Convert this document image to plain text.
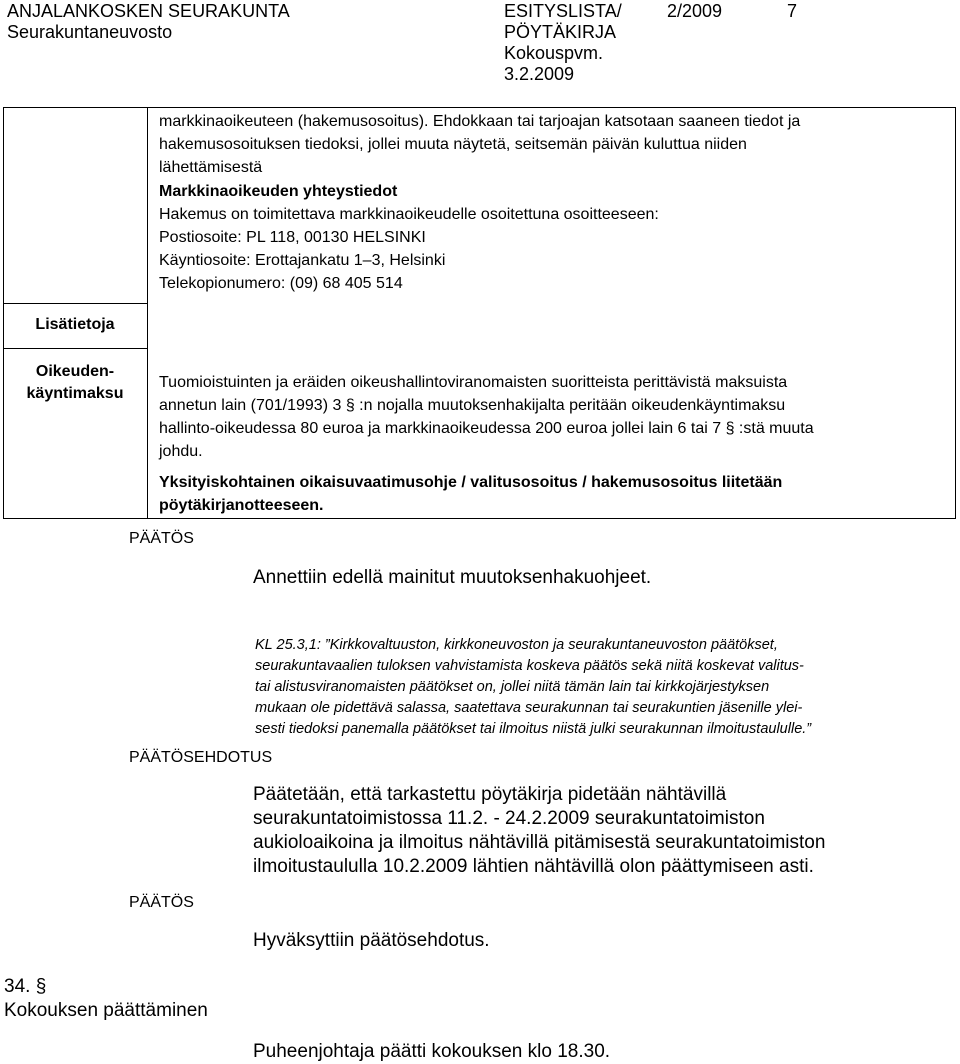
ANJALANKOSKEN SEURAKUNTA
Seurakuntaneuvosto
ESITYSLISTA/
PÖYTÄKIRJA
Kokouspvm.
3.2.2009
2/2009	7
markkinaoikeuteen (hakemusosoitus). Ehdokkaan tai tarjoajan katsotaan saaneen tiedot ja
hakemusosoituksen tiedoksi, jollei muuta näytetä, seitsemän päivän kuluttua niiden
lähettämisestä
Markkinaoikeuden yhteystiedot
Hakemus on toimitettava markkinaoikeudelle osoitettuna osoitteeseen:
Postiosoite: PL 118, 00130 HELSINKI
Käyntiosoite: Erottajankatu 1–3, Helsinki
Telekopionumero: (09) 68 405 514
Lisätietoja
Oikeuden-
käyntimaksu
Tuomioistuinten ja eräiden oikeushallintoviranomaisten suoritteista perittävistä maksuista
annetun lain (701/1993) 3 § :n nojalla muutoksenhakijalta peritään oikeudenkäyntimaksu
hallinto-oikeudessa 80 euroa ja markkinaoikeudessa 200 euroa jollei lain 6 tai 7 § :stä muuta
johdu.
Yksityiskohtainen oikaisuvaatimusohje / valitusosoitus / hakemusosoitus liitetään
pöytäkirjanotteeseen.
PÄÄTÖS
Annettiin edellä mainitut muutoksenhakuohjeet.
KL 25.3,1: ”Kirkkovaltuuston, kirkkoneuvoston ja seurakuntaneuvoston päätökset,
seurakuntavaalien tuloksen vahvistamista koskeva päätös sekä niitä koskevat valitus-
tai alistusviranomaisten päätökset on, jollei niitä tämän lain tai kirkkojärjestyksen
mukaan ole pidettävä salassa, saatettava seurakunnan tai seurakuntien jäsenille ylei-
sesti tiedoksi panemalla päätökset tai ilmoitus niistä julki seurakunnan ilmoitustaululle.”
PÄÄTÖSEHDOTUS
Päätetään, että tarkastettu pöytäkirja pidetään nähtävillä
seurakuntatoimistossa 11.2. - 24.2.2009 seurakuntatoimiston
aukioloaikoina ja ilmoitus nähtävillä pitämisestä seurakuntatoimiston
ilmoitustaululla 10.2.2009 lähtien nähtävillä olon päättymiseen asti.
PÄÄTÖS
Hyväksyttiin päätösehdotus.
34. §
Kokouksen päättäminen
Puheenjohtaja päätti kokouksen klo 18.30.
